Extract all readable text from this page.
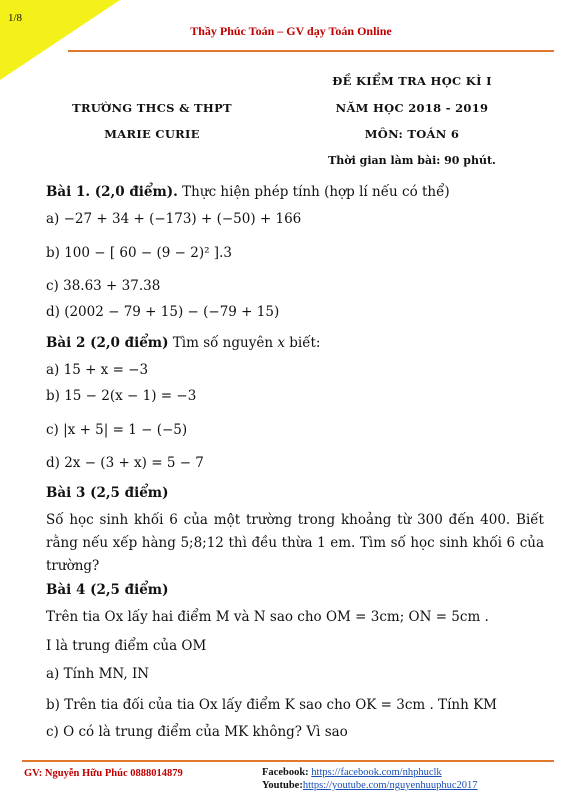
1/8
Thầy Phúc Toán – GV dạy Toán Online
TRƯỜNG THCS & THPT
MARIE CURIE
ĐỀ KIỂM TRA HỌC KÌ I
NĂM HỌC 2018 - 2019
MÔN: TOÁN 6
Thời gian làm bài: 90 phút.
Bài 1. (2,0 điểm). Thực hiện phép tính (hợp lí nếu có thể)
a) −27 + 34 + (−173) + (−50) + 166
b) 100 − [ 60 − (9 − 2)² ].3
c) 38.63 + 37.38
d) (2002 − 79 + 15) − (−79 + 15)
Bài 2 (2,0 điểm) Tìm số nguyên x biết:
a) 15 + x = −3
b) 15 − 2(x − 1) = −3
c) |x + 5| = 1 − (−5)
d) 2x − (3 + x) = 5 − 7
Bài 3 (2,5 điểm)
Số học sinh khối 6 của một trường trong khoảng từ 300 đến 400. Biết rằng nếu xếp hàng 5;8;12 thì đều thừa 1 em. Tìm số học sinh khối 6 của trường?
Bài 4 (2,5 điểm)
Trên tia Ox lấy hai điểm M và N sao cho OM = 3cm; ON = 5cm .
I là trung điểm của OM
a) Tính MN, IN
b) Trên tia đối của tia Ox lấy điểm K sao cho OK = 3cm . Tính KM
c) O có là trung điểm của MK không? Vì sao
GV: Nguyễn Hữu Phúc 0888014879	Facebook: https://facebook.com/nhphuclk
Youtube:https://youtube.com/nguyenhuuphuc2017
